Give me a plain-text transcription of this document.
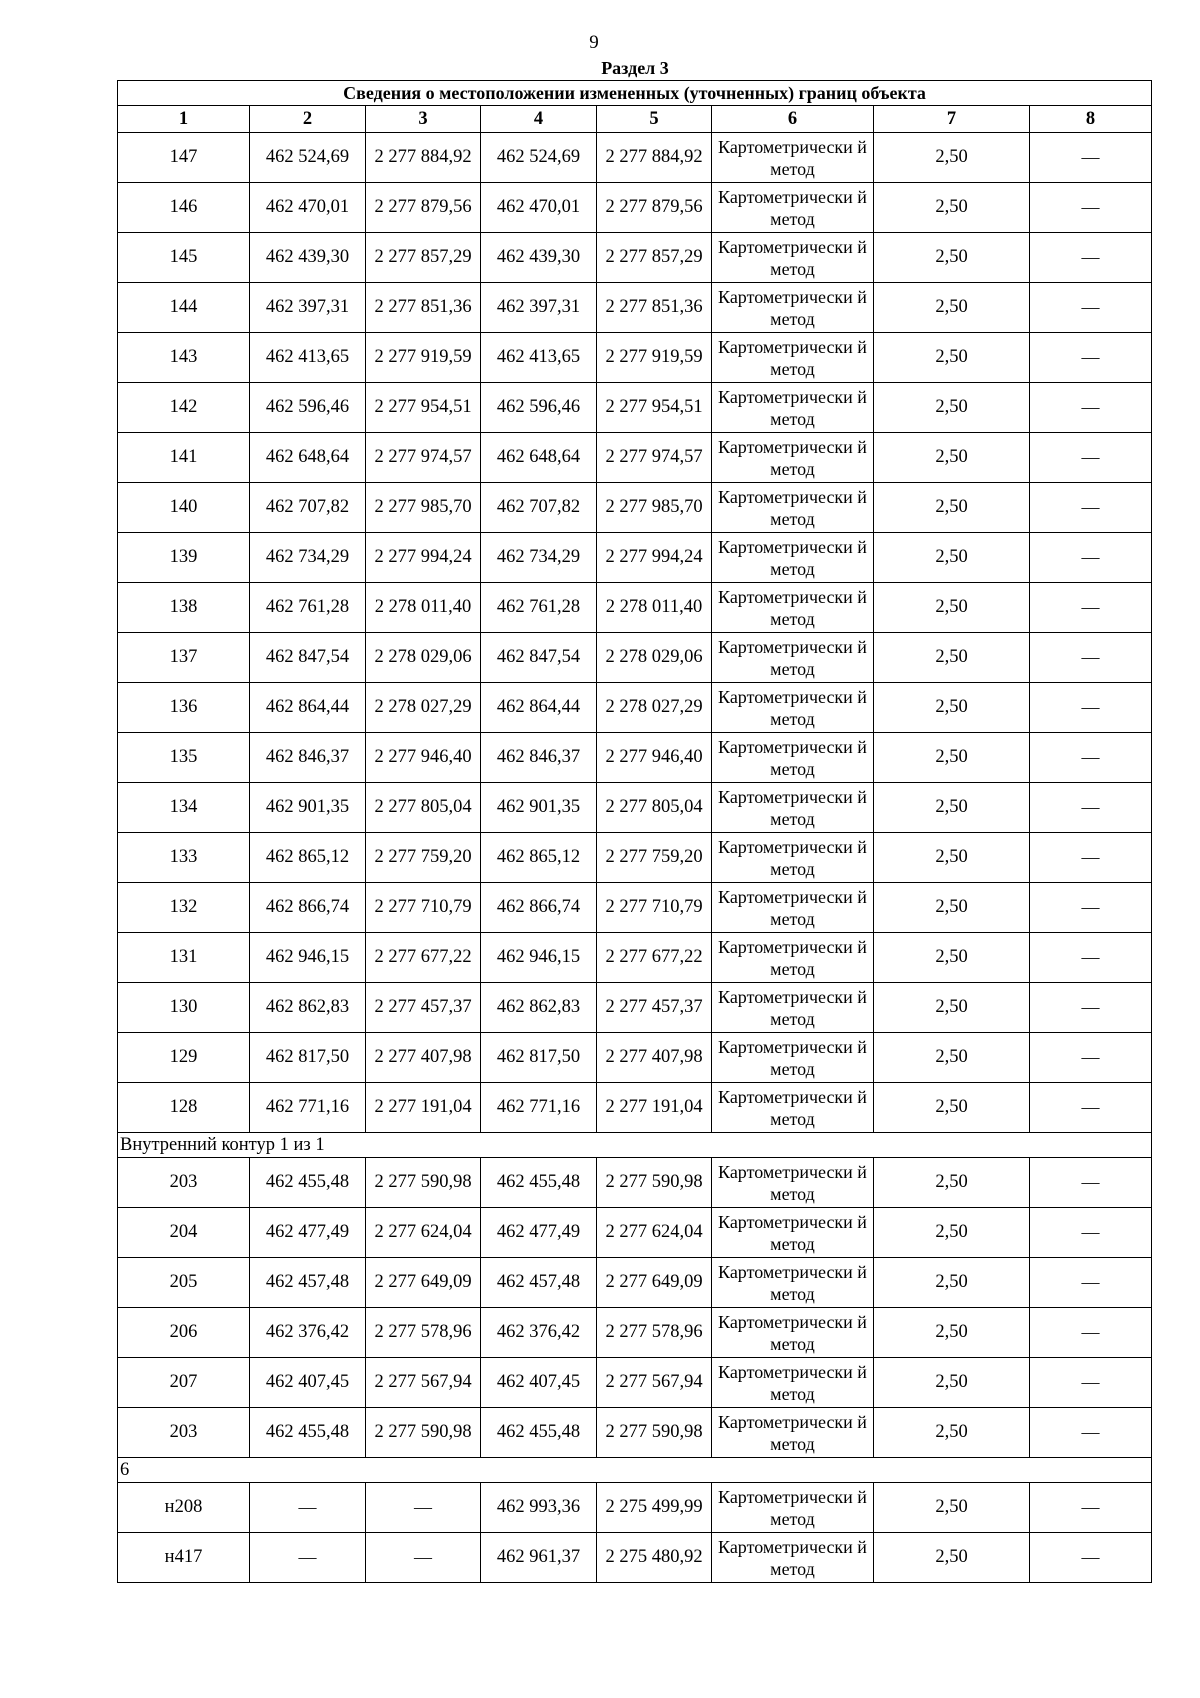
9
Раздел 3
Сведения о местоположении измененных (уточненных) границ объекта							
1	2	3	4	5	6	7	8
147	462 524,69	2 277 884,92	462 524,69	2 277 884,92	Картометрически й метод	2,50	—
146	462 470,01	2 277 879,56	462 470,01	2 277 879,56	Картометрически й метод	2,50	—
145	462 439,30	2 277 857,29	462 439,30	2 277 857,29	Картометрически й метод	2,50	—
144	462 397,31	2 277 851,36	462 397,31	2 277 851,36	Картометрически й метод	2,50	—
143	462 413,65	2 277 919,59	462 413,65	2 277 919,59	Картометрически й метод	2,50	—
142	462 596,46	2 277 954,51	462 596,46	2 277 954,51	Картометрически й метод	2,50	—
141	462 648,64	2 277 974,57	462 648,64	2 277 974,57	Картометрически й метод	2,50	—
140	462 707,82	2 277 985,70	462 707,82	2 277 985,70	Картометрически й метод	2,50	—
139	462 734,29	2 277 994,24	462 734,29	2 277 994,24	Картометрически й метод	2,50	—
138	462 761,28	2 278 011,40	462 761,28	2 278 011,40	Картометрически й метод	2,50	—
137	462 847,54	2 278 029,06	462 847,54	2 278 029,06	Картометрически й метод	2,50	—
136	462 864,44	2 278 027,29	462 864,44	2 278 027,29	Картометрически й метод	2,50	—
135	462 846,37	2 277 946,40	462 846,37	2 277 946,40	Картометрически й метод	2,50	—
134	462 901,35	2 277 805,04	462 901,35	2 277 805,04	Картометрически й метод	2,50	—
133	462 865,12	2 277 759,20	462 865,12	2 277 759,20	Картометрически й метод	2,50	—
132	462 866,74	2 277 710,79	462 866,74	2 277 710,79	Картометрически й метод	2,50	—
131	462 946,15	2 277 677,22	462 946,15	2 277 677,22	Картометрически й метод	2,50	—
130	462 862,83	2 277 457,37	462 862,83	2 277 457,37	Картометрически й метод	2,50	—
129	462 817,50	2 277 407,98	462 817,50	2 277 407,98	Картометрически й метод	2,50	—
128	462 771,16	2 277 191,04	462 771,16	2 277 191,04	Картометрически й метод	2,50	—
Внутренний контур 1 из 1							
203	462 455,48	2 277 590,98	462 455,48	2 277 590,98	Картометрически й метод	2,50	—
204	462 477,49	2 277 624,04	462 477,49	2 277 624,04	Картометрически й метод	2,50	—
205	462 457,48	2 277 649,09	462 457,48	2 277 649,09	Картометрически й метод	2,50	—
206	462 376,42	2 277 578,96	462 376,42	2 277 578,96	Картометрически й метод	2,50	—
207	462 407,45	2 277 567,94	462 407,45	2 277 567,94	Картометрически й метод	2,50	—
203	462 455,48	2 277 590,98	462 455,48	2 277 590,98	Картометрически й метод	2,50	—
6							
н208	—	—	462 993,36	2 275 499,99	Картометрически й метод	2,50	—
н417	—	—	462 961,37	2 275 480,92	Картометрически й метод	2,50	—
